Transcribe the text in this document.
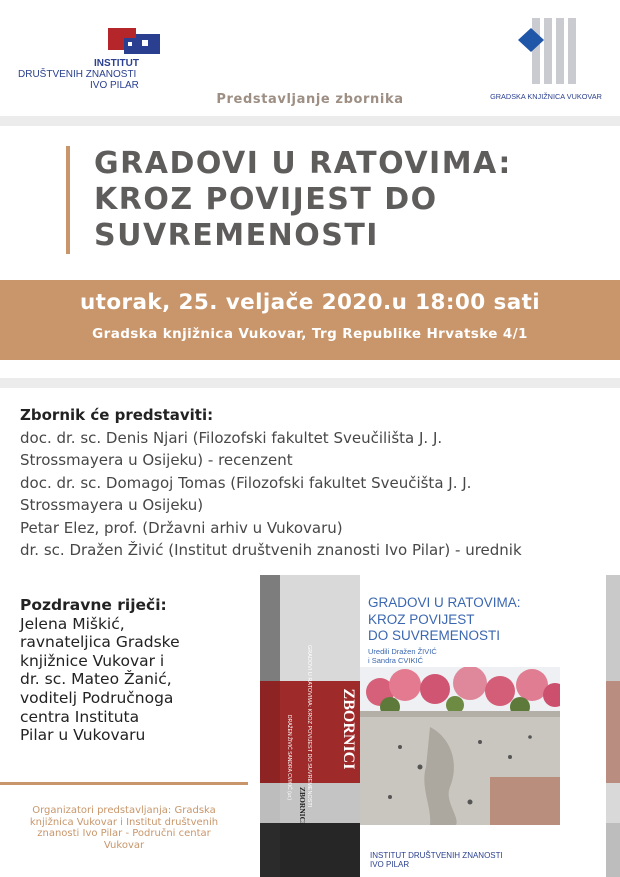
INSTITUT
DRUŠTVENIH ZNANOSTI
IVO PILAR
GRADSKA KNJIŽNICA VUKOVAR
Predstavljanje zbornika
GRADOVI U RATOVIMA:
KROZ POVIJEST DO
SUVREMENOSTI
utorak, 25. veljače 2020.u 18:00 sati
Gradska knjižnica Vukovar, Trg Republike Hrvatske 4/1
Zbornik će predstaviti:
doc. dr. sc. Denis Njari (Filozofski fakultet Sveučilišta J. J.
Strossmayera u Osijeku) - recenzent
doc. dr. sc. Domagoj Tomas (Filozofski fakultet Sveučišta J. J.
Strossmayera u Osijeku)
Petar Elez, prof. (Državni arhiv u Vukovaru)
dr. sc. Dražen Živić (Institut društvenih znanosti Ivo Pilar) - urednik
Pozdravne riječi:
Jelena Miškić,
ravnateljica Gradske
knjižnice Vukovar i
dr. sc. Mateo Žanić,
voditelj Područnoga
centra Instituta
Pilar u Vukovaru
Organizatori predstavljanja: Gradska
knjižnica Vukovar i Institut društvenih
znanosti Ivo Pilar - Područni centar
Vukovar
ZBORNICI
GRADOVI U RATOVIMA: KROZ POVIJEST DO SUVREMENOSTI
DRAŽEN ŽIVIĆ SANDRA CVIKIĆ (ur.)
ZBORNICI
GRADOVI U RATOVIMA:
KROZ POVIJEST
DO SUVREMENOSTI
Uredili Dražen ŽIVIĆ
i Sandra CVIKIĆ
INSTITUT DRUŠTVENIH ZNANOSTI
IVO PILAR
